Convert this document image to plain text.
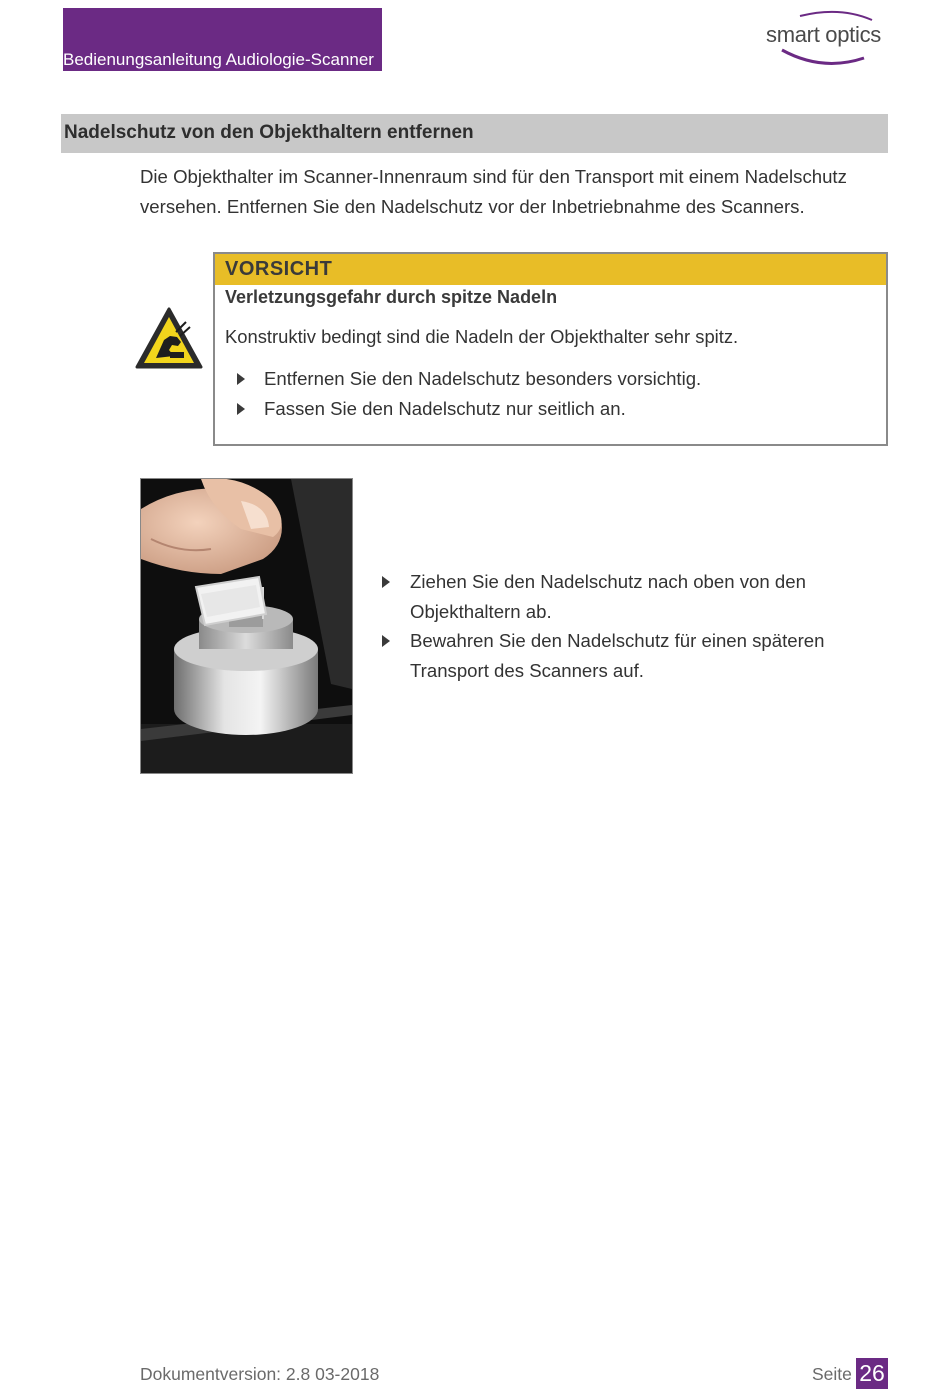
Bedienungsanleitung Audiologie-Scanner
smart optics
Nadelschutz von den Objekthaltern entfernen

Die Objekthalter im Scanner-Innenraum sind für den Transport mit einem Nadelschutz

versehen. Entfernen Sie den Nadelschutz vor der Inbetriebnahme des Scanners.

VORSICHT
Verletzungsgefahr durch spitze Nadeln
Konstruktiv bedingt sind die Nadeln der Objekthalter sehr spitz.
Entfernen Sie den Nadelschutz besonders vorsichtig.
Fassen Sie den Nadelschutz nur seitlich an.
Ziehen Sie den Nadelschutz nach oben von den Objekthaltern ab.
Bewahren Sie den Nadelschutz für einen späteren Transport des Scanners auf.
Dokumentversion: 2.8 03-2018	Seite 26
